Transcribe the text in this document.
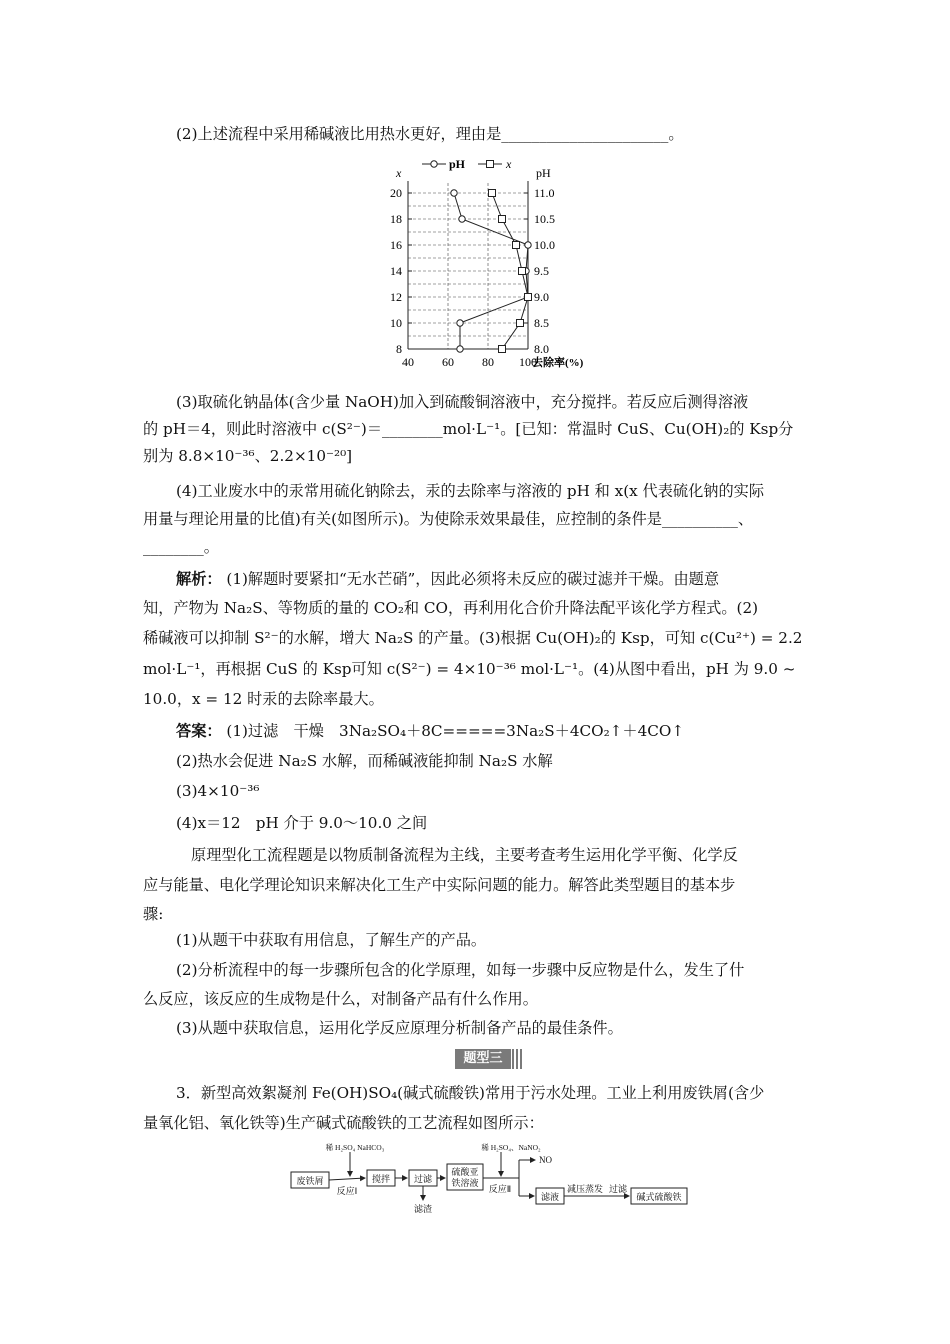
(2)上述流程中采用稀碱液比用热水更好，理由是______________________。
20
18
16
14
12
10
8
11.0
10.5
10.0
9.5
9.0
8.5
8.0
40 60 80 100
x	pH
去除率(%)
pH	x
(3)取硫化钠晶体(含少量 NaOH)加入到硫酸铜溶液中，充分搅拌。若反应后测得溶液
的 pH＝4，则此时溶液中 c(S²⁻)＝________mol·L⁻¹。[已知：常温时 CuS、Cu(OH)₂的 Ksp分
别为 8.8×10⁻³⁶、2.2×10⁻²⁰]
(4)工业废水中的汞常用硫化钠除去，汞的去除率与溶液的 pH 和 x(x 代表硫化钠的实际
用量与理论用量的比值)有关(如图所示)。为使除汞效果最佳，应控制的条件是__________、
________。
解析： (1)解题时要紧扣“无水芒硝”，因此必须将未反应的碳过滤并干燥。由题意
知，产物为 Na₂S、等物质的量的 CO₂和 CO，再利用化合价升降法配平该化学方程式。(2)
稀碱液可以抑制 S²⁻的水解，增大 Na₂S 的产量。(3)根据 Cu(OH)₂的 Ksp，可知 c(Cu²⁺) = 2.2
mol·L⁻¹，再根据 CuS 的 Ksp可知 c(S²⁻) = 4×10⁻³⁶ mol·L⁻¹。(4)从图中看出，pH 为 9.0 ~
10.0，x = 12 时汞的去除率最大。
答案： (1)过滤　干燥　3Na₂SO₄＋8C=====3Na₂S＋4CO₂↑＋4CO↑
(2)热水会促进 Na₂S 水解，而稀碱液能抑制 Na₂S 水解
(3)4×10⁻³⁶
(4)x＝12　pH 介于 9.0～10.0 之间
原理型化工流程题是以物质制备流程为主线，主要考查考生运用化学平衡、化学反
应与能量、电化学理论知识来解决化工生产中实际问题的能力。解答此类型题目的基本步
骤:
(1)从题干中获取有用信息，了解生产的产品。
(2)分析流程中的每一步骤所包含的化学原理，如每一步骤中反应物是什么，发生了什
么反应，该反应的生成物是什么，对制备产品有什么作用。
(3)从题中获取信息，运用化学反应原理分析制备产品的最佳条件。
题型三
3．新型高效絮凝剂 Fe(OH)SO₄(碱式硫酸铁)常用于污水处理。工业上利用废铁屑(含少
量氧化铝、氧化铁等)生产碱式硫酸铁的工艺流程如图所示：
废铁屑
反应Ⅰ
稀 H₂SO₄ NaHCO₃
搅拌	过滤
滤渣
硫酸亚
铁溶液
反应Ⅱ
稀 H₂SO₄、NaNO₂
NO
滤液
减压蒸发 过滤
碱式硫酸铁
